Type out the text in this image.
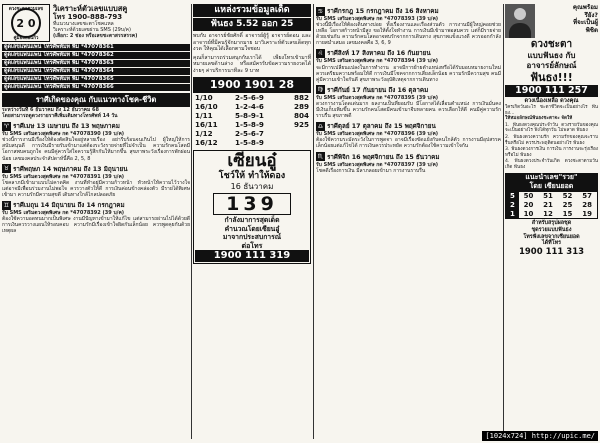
ดวงชะตาตามเลข
2 0
คู่มือลอยแก้ว
วิเคราะห์ตัวเลขแบบสคู
โทร 1900-888-793
ที่แนวนางเลขชะตาโชคแหล
วิเคราะห์ด้วยเลขผ่าน SMS (29บ/ค)
(เลือก: 2 ช่อง หรือเลขชะตาสรรสรรค)
ดูดเลขแพ่นแพน โทรศัพท์มท พิม *47078361
ดูดเลขแพ่นแพน โทรศัพท์มท พิม *47078362
ดูดเลขแพ่นแพน โทรศัพท์มท พิม *47078363
ดูดเลขแพ่นแพน โทรศัพท์มท พิม *47078364
ดูดเลขแพ่นแพน โทรศัพท์มท พิม *47078365
ดูดเลขแพ่นแพน โทรศัพท์มท พิม *47078366
ราศีเกิดของคุณ กับแนวทางโชค-ชีวิต
ระหว่างวันที่ 6 ธันวาคม ถึง 12 ธันวาคม 68
โดยสามารถดูดวงรายราศีเพิ่มเติมทางโทรศัพท์ 14 วัน
♈ ราศีเมษ 13 เมษายน ถึง 13 พฤษภาคม
รับ SMS เสริมดวงสุดพิเศษ กด *47078390 (39 บ/ค)
ช่วงนี้การงานมีเรื่องให้ต้องตัดสินใจอยู่หลายเรื่อง อย่ารีบร้อนจนเกินไป ผู้ใหญ่ให้การสนับสนุนดี การเงินมีรายรับเข้ามาแต่ต้องระวังรายจ่ายที่ไม่จำเป็น ความรักคนโสดมีโอกาสพบคนถูกใจ คนมีคู่ควรใส่ใจความรู้สึกกันให้มากขึ้น สุขภาพระวังเรื่องการพักผ่อนน้อย เลขมงคลประจำสัปดาห์นี้คือ 2, 5, 8
♉ ราศีพฤษภ 14 พฤษภาคม ถึง 13 มิถุนายน
รับ SMS เสริมดวงสุดพิเศษ กด *47078391 (39 บ/ค)
โชคลาภมีเข้ามาแบบไม่คาดคิด งานที่ทำอยู่มีความก้าวหน้า หัวหน้าให้ความไว้วางใจ แต่อาจมีเพื่อนร่วมงานไม่พอใจ ควรวางตัวให้ดี การเงินค่อนข้างคล่องตัว มีรายได้พิเศษเข้ามา ความรักมีความสุขดี เดินทางใกล้ไกลปลอดภัย
♊ ราศีเมถุน 14 มิถุนายน ถึง 14 กรกฎาคม
รับ SMS เสริมดวงสุดพิเศษ กด *47078392 (39 บ/ค)
ต้องใช้ความอดทนมากเป็นพิเศษ งานมีปัญหาเข้ามาให้แก้ไข แต่สามารถผ่านไปได้ด้วยดี การเงินควรวางแผนให้รอบคอบ ความรักมีเรื่องเข้าใจผิดกันเล็กน้อย ควรพูดคุยกันด้วยเหตุผล
แหล่งรวมข้อมูลเด็ด
ฟันธง 5.52 ออก 25
พบกับ อาจารย์ชัยศักดิ์ อาจารย์ผู้รู้ อาจารย์ดอน และ อาจารย์ที่มีคนรู้จักมากมาย มาวิเคราะห์ตัวเลขเด็ดทุกงวด ให้คุณได้เลือกตามใจชอบ
คุณก็สามารถร่วมสนุกกับเราได้ เพียงโทรเข้ามาที่หมายเลขด้านล่าง หรือสมัครรับข้อความรายงวดได้ง่ายๆ ค่าบริการนาทีละ 9 บาท
1900 1901 28
1/10	2-5-6-9	882
16/10	1-2-4-6	289
1/11	5-8-9-1	804
16/11	1-5-8-9	925
1/12	2-5-6-7	
16/12	1-5-8-9	
เซียนอู๋
โชว์ให้ ทำให้ดอง
16 ธันวาคม
139
กำลังมาการสุดเด็ด
คำนวณโดยเซียนอู๋
มาจากประสบการณ์
ต่อโทร
1900 111 319
♋ ราศีกรกฎ 15 กรกฎาคม ถึง 16 สิงหาคม
รับ SMS เสริมดวงสุดพิเศษ กด *47078393 (39 บ/ค)
ช่วงนี้มีเรื่องให้ต้องเดินทางบ่อย ทั้งเรื่องงานและเรื่องส่วนตัว การงานมีผู้ใหญ่คอยช่วยเหลือ โอกาสก้าวหน้ามีสูง ขอให้ตั้งใจทำงาน การเงินมีเข้ามาพอสมควร แต่ก็มีรายจ่ายด้วยเช่นกัน ความรักคนโสดอาจพบรักจากการเดินทาง สุขภาพแข็งแรงดี ควรออกกำลังกายสม่ำเสมอ เลขมงคลคือ 3, 6, 9
♌ ราศีสิงห์ 17 สิงหาคม ถึง 16 กันยายน
รับ SMS เสริมดวงสุดพิเศษ กด *47078394 (39 บ/ค)
จะมีการเปลี่ยนแปลงในการทำงาน อาจมีการย้ายตำแหน่งหรือได้รับมอบหมายงานใหม่ ควรเตรียมความพร้อมให้ดี การเงินมีโชคจากการเสี่ยงเล็กน้อย ความรักมีความสุข คนมีคู่มีความเข้าใจกันดี สุขภาพระวังอุบัติเหตุจากการเดินทาง
♍ ราศีกันย์ 17 กันยายน ถึง 16 ตุลาคม
รับ SMS เสริมดวงสุดพิเศษ กด *47078395 (39 บ/ค)
ดวงการงานโดดเด่นมาก ผลงานเป็นที่ยอมรับ มีโอกาสได้เลื่อนตำแหน่ง การเงินมั่นคง มีเงินเก็บเพิ่มขึ้น ความรักคนโสดมีคนเข้ามาจีบหลายคน ควรเลือกให้ดี คนมีคู่ความรักราบรื่น สุขภาพดี
♎ ราศีตุลย์ 17 ตุลาคม ถึง 15 พฤศจิกายน
รับ SMS เสริมดวงสุดพิเศษ กด *47078396 (39 บ/ค)
ต้องใช้ความระมัดระวังในการพูดจา อาจมีเรื่องขัดแย้งกับคนใกล้ตัว การงานมีอุปสรรคเล็กน้อยแต่แก้ไขได้ การเงินควรประหยัด ความรักต้องใช้ความเข้าใจกัน
♏ ราศีพิจิก 16 พฤศจิกายน ถึง 15 ธันวาคม
รับ SMS เสริมดวงสุดพิเศษ กด *47078397 (39 บ/ค)
โชคดีเรื่องการเงิน มีลาภลอยเข้ามา การงานราบรื่น
คุณพร้อม
รึยัง?
ที่จะเป็นผู้
พิชิต
ดวงชะตา
แบบฟันธง กับ
อาจารย์ลักษณ์
ฟันธง!!!
1900 111 257
ดวงเนื่องเหลือ ดวงคุณ
ใครเกิดวันอะไร ชะตาชีวิตจะเป็นอย่างไร ฟันธง...
ให้หมอลักษณ์ฟันธงชะตาจะ จัดให้
1. ฟันธงดวงคุณประจำวัน ดวงรายวันของคุณจะเป็นอย่างไร ฟังได้ทุกวัน ไม่พลาด ฟันธง
2. ฟันธงดวงความรัก ความรักของคุณจะราบรื่นหรือไม่ ควรประพฤติตนอย่างไร ฟันธง
3. ฟันธงดวงการเงิน การเงิน การงานจะรุ่งเรืองหรือไม่ ฟันธง
4. ฟันธงดวงประจำวันเกิด ดวงชะตาตามวันเกิด ฟันธง
แนะนำเลข"รวย"
โดย เซียนยอด
5	50	51	52	57
2	20	21	25	28
1	10	12	15	19
สำหรับสรุปผลชุด
ชุดรวยแบบฟันธง
โทรฟังเลขจากเซียนยอด
ได้ที่โทร
1900 111 313
[1024x724] http://upic.me/
